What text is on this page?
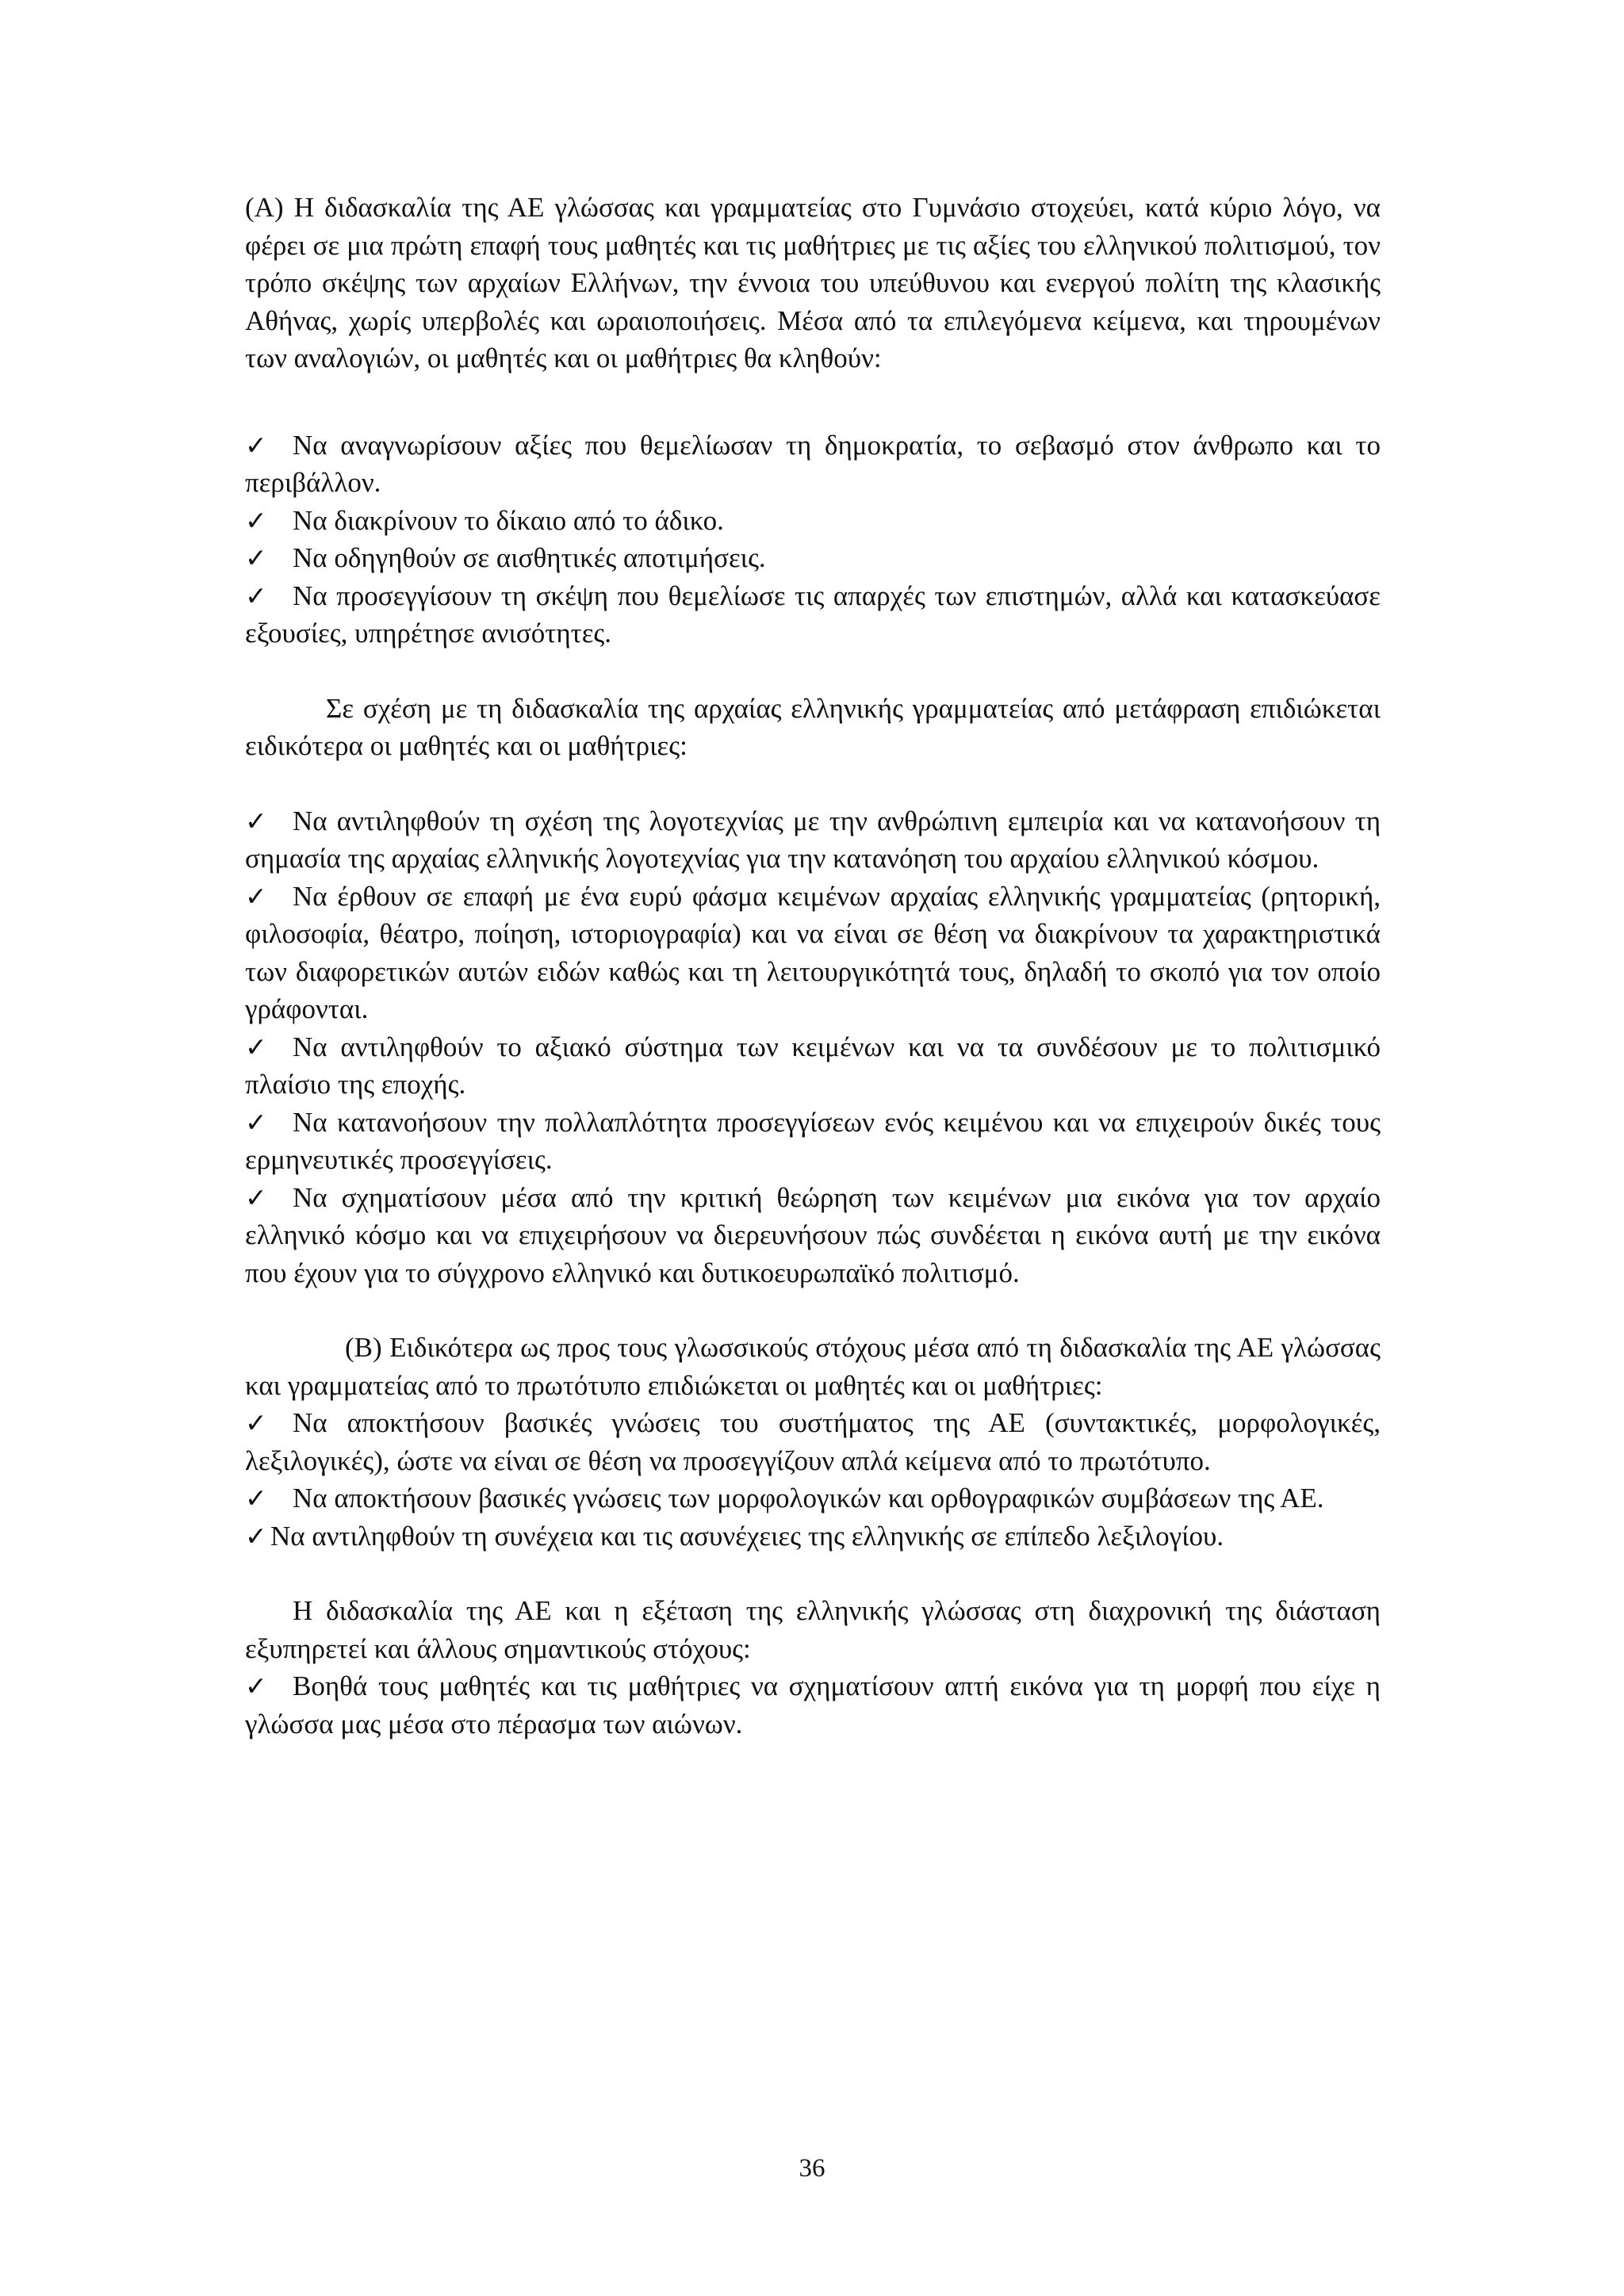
(Α) Η διδασκαλία της ΑΕ γλώσσας και γραμματείας στο Γυμνάσιο στοχεύει, κατά κύριο λόγο, να φέρει σε μια πρώτη επαφή τους μαθητές και τις μαθήτριες με τις αξίες του ελληνικού πολιτισμού, τον τρόπο σκέψης των αρχαίων Ελλήνων, την έννοια του υπεύθυνου και ενεργού πολίτη της κλασικής Αθήνας, χωρίς υπερβολές και ωραιοποιήσεις. Μέσα από τα επιλεγόμενα κείμενα, και τηρουμένων των αναλογιών, οι μαθητές και οι μαθήτριες θα κληθούν:

✓ Να αναγνωρίσουν αξίες που θεμελίωσαν τη δημοκρατία, το σεβασμό στον άνθρωπο και το περιβάλλον.

✓ Να διακρίνουν το δίκαιο από το άδικο.

✓ Να οδηγηθούν σε αισθητικές αποτιμήσεις.

✓ Να προσεγγίσουν τη σκέψη που θεμελίωσε τις απαρχές των επιστημών, αλλά και κατασκεύασε εξουσίες, υπηρέτησε ανισότητες.

Σε σχέση με τη διδασκαλία της αρχαίας ελληνικής γραμματείας από μετάφραση επιδιώκεται ειδικότερα οι μαθητές και οι μαθήτριες:

✓ Να αντιληφθούν τη σχέση της λογοτεχνίας με την ανθρώπινη εμπειρία και να κατανοήσουν τη σημασία της αρχαίας ελληνικής λογοτεχνίας για την κατανόηση του αρχαίου ελληνικού κόσμου.

✓ Να έρθουν σε επαφή με ένα ευρύ φάσμα κειμένων αρχαίας ελληνικής γραμματείας (ρητορική, φιλοσοφία, θέατρο, ποίηση, ιστοριογραφία) και να είναι σε θέση να διακρίνουν τα χαρακτηριστικά των διαφορετικών αυτών ειδών καθώς και τη λειτουργικότητά τους, δηλαδή το σκοπό για τον οποίο γράφονται.

✓ Να αντιληφθούν το αξιακό σύστημα των κειμένων και να τα συνδέσουν με το πολιτισμικό πλαίσιο της εποχής.

✓ Να κατανοήσουν την πολλαπλότητα προσεγγίσεων ενός κειμένου και να επιχειρούν δικές τους ερμηνευτικές προσεγγίσεις.

✓ Να σχηματίσουν μέσα από την κριτική θεώρηση των κειμένων μια εικόνα για τον αρχαίο ελληνικό κόσμο και να επιχειρήσουν να διερευνήσουν πώς συνδέεται η εικόνα αυτή με την εικόνα που έχουν για το σύγχρονο ελληνικό και δυτικοευρωπαϊκό πολιτισμό.

(Β) Ειδικότερα ως προς τους γλωσσικούς στόχους μέσα από τη διδασκαλία της ΑΕ γλώσσας και γραμματείας από το πρωτότυπο επιδιώκεται οι μαθητές και οι μαθήτριες:

✓ Να αποκτήσουν βασικές γνώσεις του συστήματος της ΑΕ (συντακτικές, μορφολογικές, λεξιλογικές), ώστε να είναι σε θέση να προσεγγίζουν απλά κείμενα από το πρωτότυπο.

✓ Να αποκτήσουν βασικές γνώσεις των μορφολογικών και ορθογραφικών συμβάσεων της ΑΕ.

✓ Να αντιληφθούν τη συνέχεια και τις ασυνέχειες της ελληνικής σε επίπεδο λεξιλογίου.

Η διδασκαλία της ΑΕ και η εξέταση της ελληνικής γλώσσας στη διαχρονική της διάσταση εξυπηρετεί και άλλους σημαντικούς στόχους:

✓ Βοηθά τους μαθητές και τις μαθήτριες να σχηματίσουν απτή εικόνα για τη μορφή που είχε η γλώσσα μας μέσα στο πέρασμα των αιώνων.

36
